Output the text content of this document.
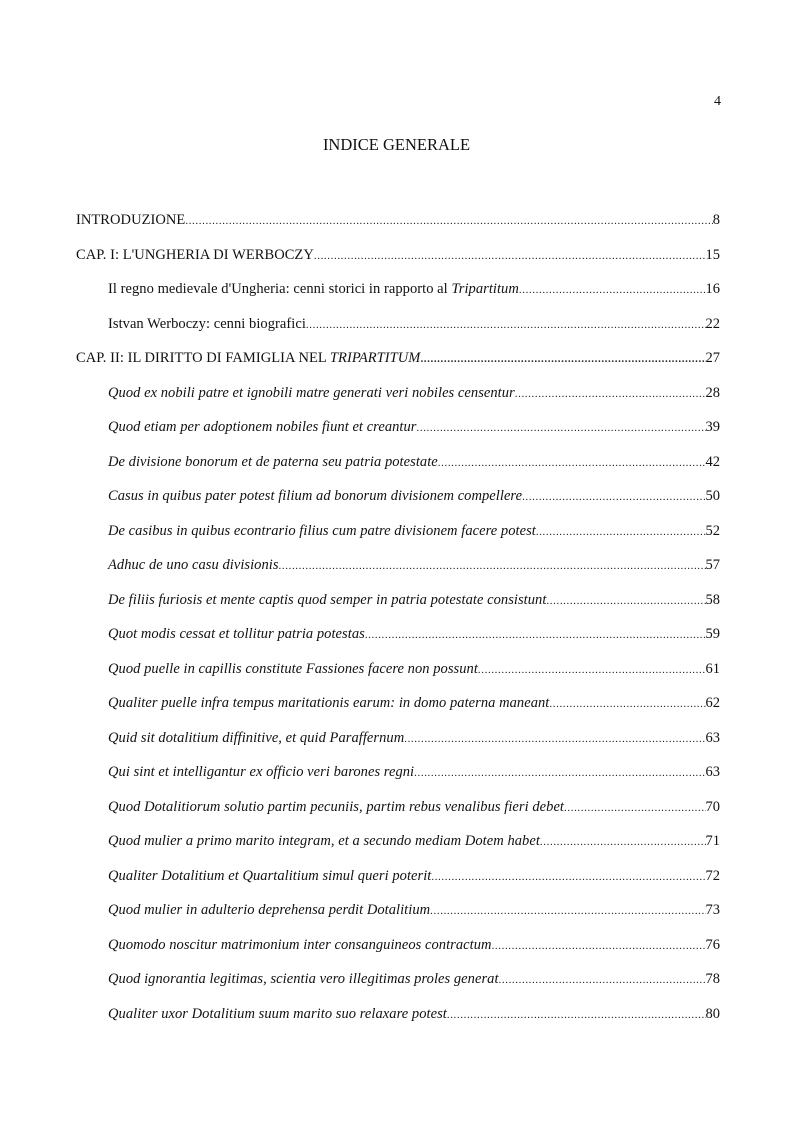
4
INDICE GENERALE
INTRODUZIONE .....	8
CAP. I: L'UNGHERIA DI WERBOCZY .....	15
Il regno medievale d'Ungheria: cenni storici in rapporto al Tripartitum .....	16
Istvan Werboczy: cenni biografici .....	22
CAP. II: IL DIRITTO DI FAMIGLIA NEL TRIPARTITUM .....	27
Quod ex nobili patre et ignobili matre generati veri nobiles censentur .....	28
Quod etiam per adoptionem nobiles fiunt et creantur .....	39
De divisione bonorum et de paterna seu patria potestate .....	42
Casus in quibus pater potest filium ad bonorum divisionem compellere .....	50
De casibus in quibus econtrario filius cum patre divisionem facere potest .....	52
Adhuc de uno casu divisionis .....	57
De filiis furiosis et mente captis quod semper in patria potestate consistunt .....	58
Quot modis cessat et tollitur patria potestas .....	59
Quod puelle in capillis constitute Fassiones facere non possunt .....	61
Qualiter puelle infra tempus maritationis earum: in domo paterna maneant .....	62
Quid sit dotalitium diffinitive, et quid Paraffernum .....	63
Qui sint et intelligantur ex officio veri barones regni .....	63
Quod Dotalitiorum solutio partim pecuniis, partim rebus venalibus fieri debet .....	70
Quod mulier a primo marito integram, et a secundo mediam Dotem habet .....	71
Qualiter Dotalitium et Quartalitium simul queri poterit .....	72
Quod mulier in adulterio deprehensa perdit Dotalitium .....	73
Quomodo noscitur matrimonium inter consanguineos contractum .....	76
Quod ignorantia legitimas, scientia vero illegitimas proles generat .....	78
Qualiter uxor Dotalitium suum marito suo relaxare potest .....	80
